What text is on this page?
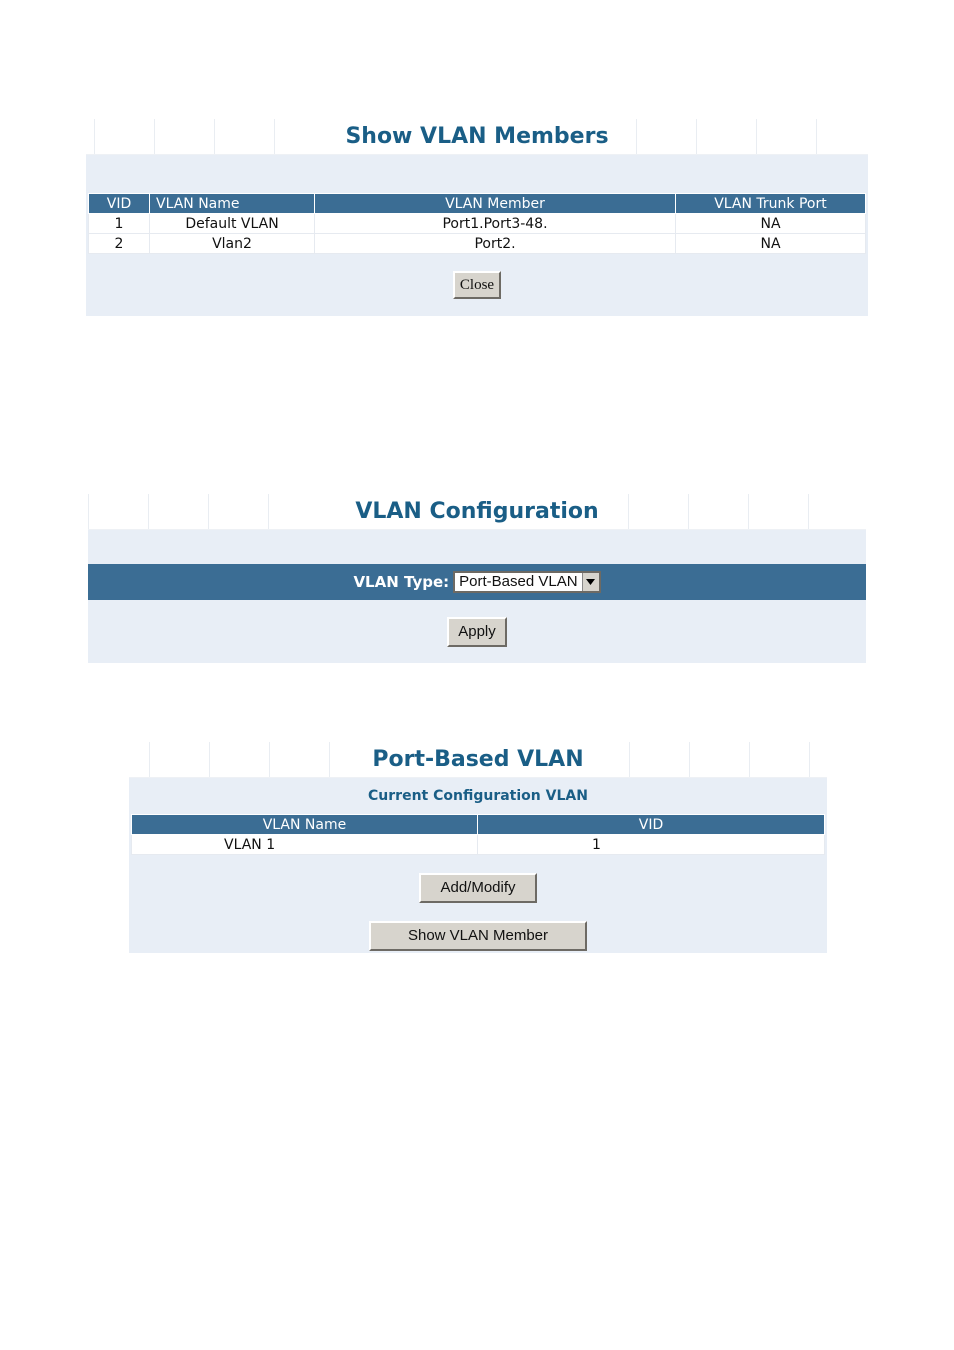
Show VLAN Members
VID	VLAN Name	VLAN Member	VLAN Trunk Port
1	Default VLAN	Port1.Port3-48.	NA
2	Vlan2	Port2.	NA
Close
VLAN Configuration
VLAN Type: Port-Based VLAN
Apply
Port-Based VLAN
Current Configuration VLAN
VLAN Name	VID
VLAN 1	1
Add/Modify
Show VLAN Member
